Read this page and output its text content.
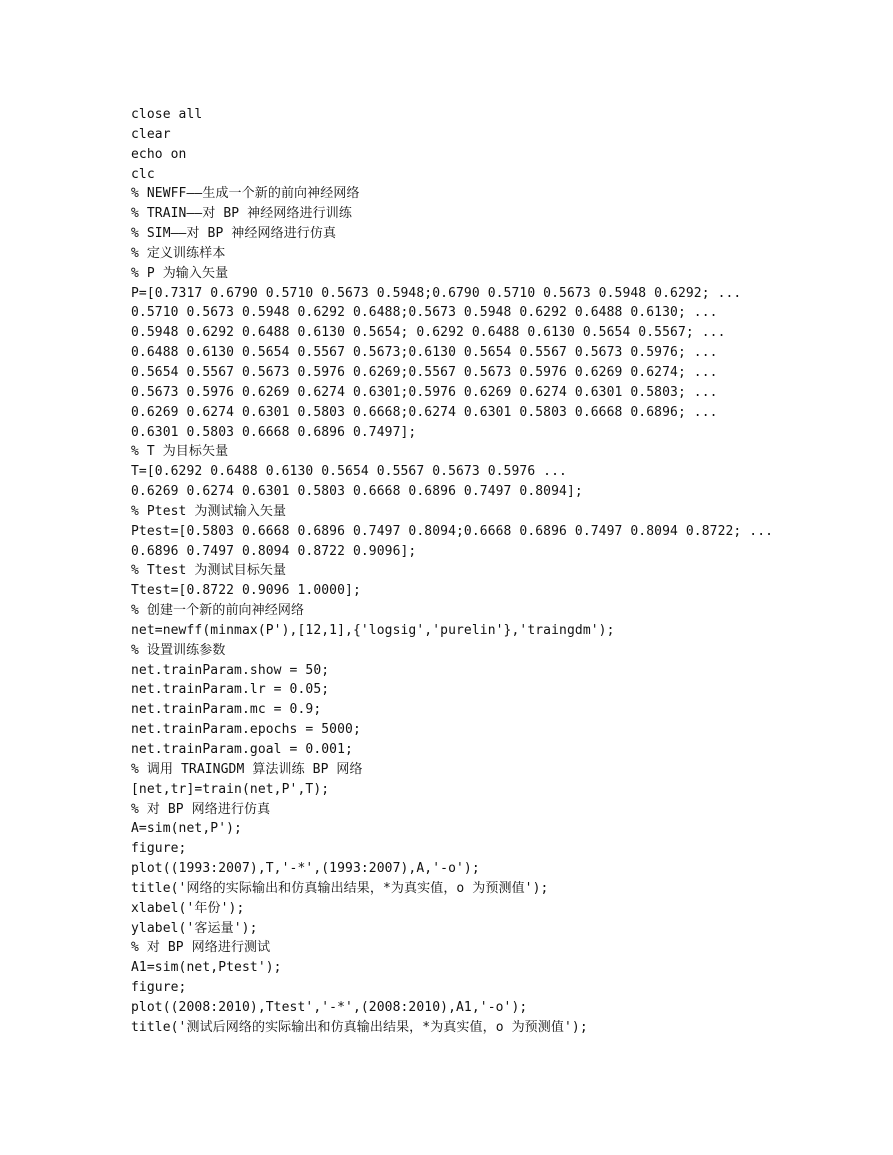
close all
clear
echo on
clc
% NEWFF——生成一个新的前向神经网络
% TRAIN——对 BP 神经网络进行训练
% SIM——对 BP 神经网络进行仿真
% 定义训练样本
% P 为输入矢量
P=[0.7317 0.6790 0.5710 0.5673 0.5948;0.6790 0.5710 0.5673 0.5948 0.6292; ...
0.5710 0.5673 0.5948 0.6292 0.6488;0.5673 0.5948 0.6292 0.6488 0.6130; ...
0.5948 0.6292 0.6488 0.6130 0.5654; 0.6292 0.6488 0.6130 0.5654 0.5567; ...
0.6488 0.6130 0.5654 0.5567 0.5673;0.6130 0.5654 0.5567 0.5673 0.5976; ...
0.5654 0.5567 0.5673 0.5976 0.6269;0.5567 0.5673 0.5976 0.6269 0.6274; ...
0.5673 0.5976 0.6269 0.6274 0.6301;0.5976 0.6269 0.6274 0.6301 0.5803; ...
0.6269 0.6274 0.6301 0.5803 0.6668;0.6274 0.6301 0.5803 0.6668 0.6896; ...
0.6301 0.5803 0.6668 0.6896 0.7497];
% T 为目标矢量
T=[0.6292 0.6488 0.6130 0.5654 0.5567 0.5673 0.5976 ...
0.6269 0.6274 0.6301 0.5803 0.6668 0.6896 0.7497 0.8094];
% Ptest 为测试输入矢量
Ptest=[0.5803 0.6668 0.6896 0.7497 0.8094;0.6668 0.6896 0.7497 0.8094 0.8722; ...
0.6896 0.7497 0.8094 0.8722 0.9096];
% Ttest 为测试目标矢量
Ttest=[0.8722 0.9096 1.0000];
% 创建一个新的前向神经网络
net=newff(minmax(P'),[12,1],{'logsig','purelin'},'traingdm');
% 设置训练参数
net.trainParam.show = 50;
net.trainParam.lr = 0.05;
net.trainParam.mc = 0.9;
net.trainParam.epochs = 5000;
net.trainParam.goal = 0.001;
% 调用 TRAINGDM 算法训练 BP 网络
[net,tr]=train(net,P',T);
% 对 BP 网络进行仿真
A=sim(net,P');
figure;
plot((1993:2007),T,'-*',(1993:2007),A,'-o');
title('网络的实际输出和仿真输出结果，*为真实值，o 为预测值');
xlabel('年份');
ylabel('客运量');
% 对 BP 网络进行测试
A1=sim(net,Ptest');
figure;
plot((2008:2010),Ttest','-*',(2008:2010),A1,'-o');
title('测试后网络的实际输出和仿真输出结果，*为真实值，o 为预测值');
